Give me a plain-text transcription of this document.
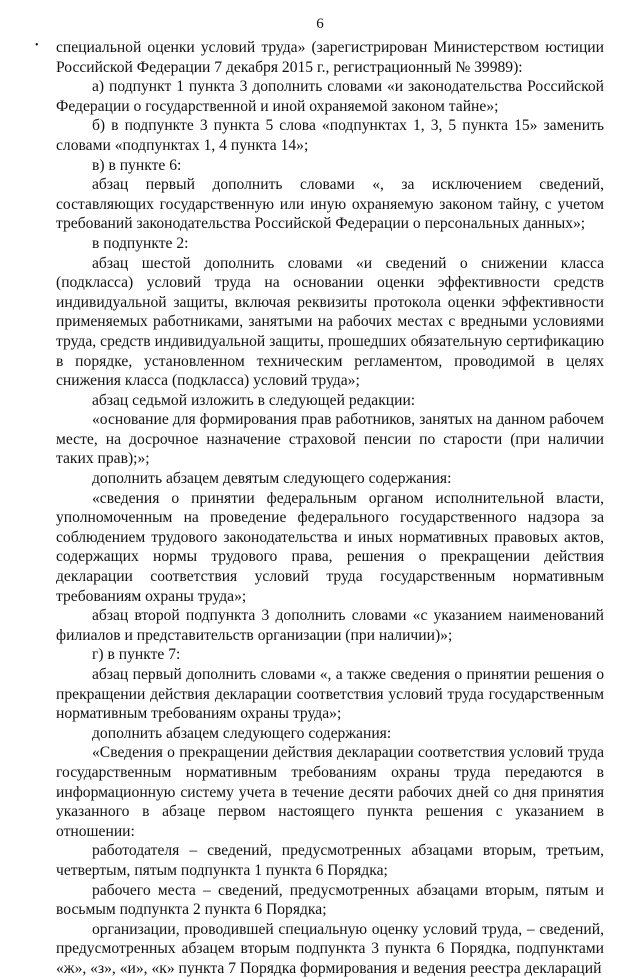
6
• специальной оценки условий труда» (зарегистрирован Министерством юстиции Российской Федерации 7 декабря 2015 г., регистрационный № 39989):

а) подпункт 1 пункта 3 дополнить словами «и законодательства Российской Федерации о государственной и иной охраняемой законом тайне»;

б) в подпункте 3 пункта 5 слова «подпунктах 1, 3, 5 пункта 15» заменить словами «подпунктах 1, 4 пункта 14»;

в) в пункте 6:

абзац первый дополнить словами «, за исключением сведений, составляющих государственную или иную охраняемую законом тайну, с учетом требований законодательства Российской Федерации о персональных данных»;

в подпункте 2:

абзац шестой дополнить словами «и сведений о снижении класса (подкласса) условий труда на основании оценки эффективности средств индивидуальной защиты, включая реквизиты протокола оценки эффективности применяемых работниками, занятыми на рабочих местах с вредными условиями труда, средств индивидуальной защиты, прошедших обязательную сертификацию в порядке, установленном техническим регламентом, проводимой в целях снижения класса (подкласса) условий труда»;

абзац седьмой изложить в следующей редакции:

«основание для формирования прав работников, занятых на данном рабочем месте, на досрочное назначение страховой пенсии по старости (при наличии таких прав);»;

дополнить абзацем девятым следующего содержания:

«сведения о принятии федеральным органом исполнительной власти, уполномоченным на проведение федерального государственного надзора за соблюдением трудового законодательства и иных нормативных правовых актов, содержащих нормы трудового права, решения о прекращении действия декларации соответствия условий труда государственным нормативным требованиям охраны труда»;

абзац второй подпункта 3 дополнить словами «с указанием наименований филиалов и представительств организации (при наличии)»;

г) в пункте 7:

абзац первый дополнить словами «, а также сведения о принятии решения о прекращении действия декларации соответствия условий труда государственным нормативным требованиям охраны труда»;

дополнить абзацем следующего содержания:

«Сведения о прекращении действия декларации соответствия условий труда государственным нормативным требованиям охраны труда передаются в информационную систему учета в течение десяти рабочих дней со дня принятия указанного в абзаце первом настоящего пункта решения с указанием в отношении:

работодателя – сведений, предусмотренных абзацами вторым, третьим, четвертым, пятым подпункта 1 пункта 6 Порядка;

рабочего места – сведений, предусмотренных абзацами вторым, пятым и восьмым подпункта 2 пункта 6 Порядка;

организации, проводившей специальную оценку условий труда, – сведений, предусмотренных абзацем вторым подпункта 3 пункта 6 Порядка, подпунктами «ж», «з», «и», «к» пункта 7 Порядка формирования и ведения реестра деклараций
